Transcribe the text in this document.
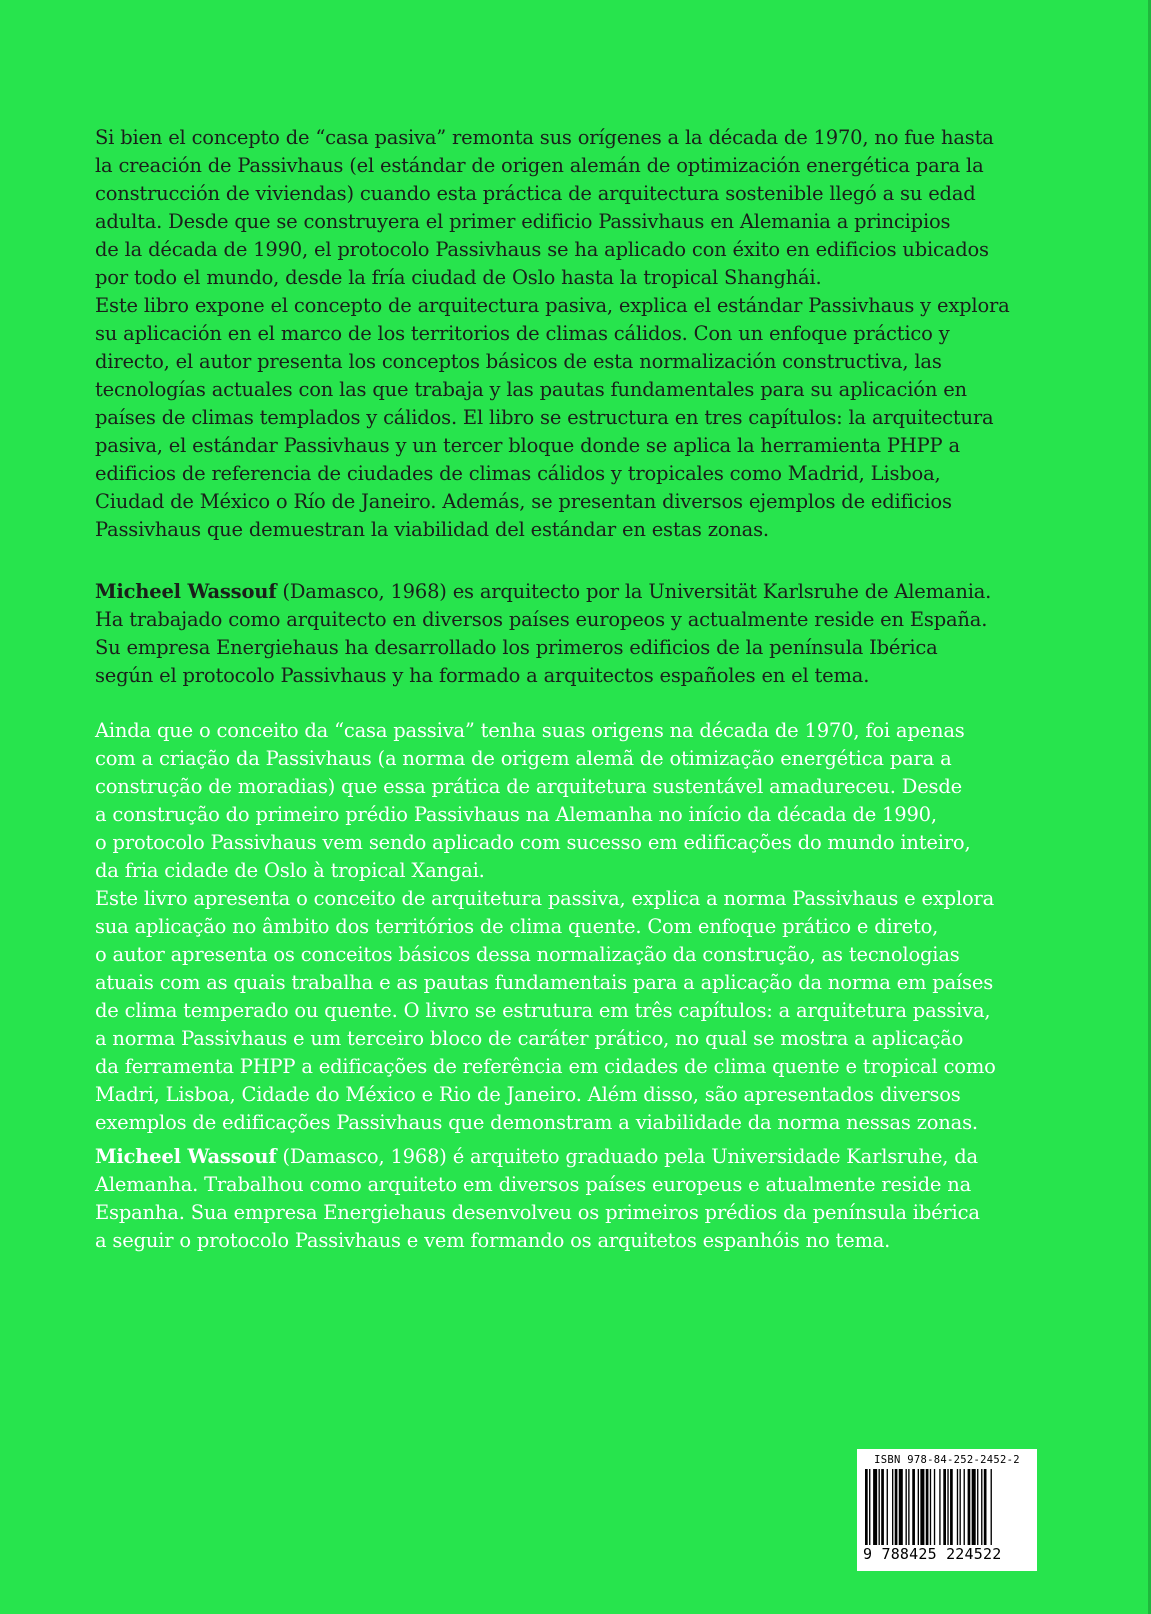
Si bien el concepto de “casa pasiva” remonta sus orígenes a la década de 1970, no fue hasta
la creación de Passivhaus (el estándar de origen alemán de optimización energética para la
construcción de viviendas) cuando esta práctica de arquitectura sostenible llegó a su edad
adulta. Desde que se construyera el primer edificio Passivhaus en Alemania a principios
de la década de 1990, el protocolo Passivhaus se ha aplicado con éxito en edificios ubicados
por todo el mundo, desde la fría ciudad de Oslo hasta la tropical Shanghái.
Este libro expone el concepto de arquitectura pasiva, explica el estándar Passivhaus y explora
su aplicación en el marco de los territorios de climas cálidos. Con un enfoque práctico y
directo, el autor presenta los conceptos básicos de esta normalización constructiva, las
tecnologías actuales con las que trabaja y las pautas fundamentales para su aplicación en
países de climas templados y cálidos. El libro se estructura en tres capítulos: la arquitectura
pasiva, el estándar Passivhaus y un tercer bloque donde se aplica la herramienta PHPP a
edificios de referencia de ciudades de climas cálidos y tropicales como Madrid, Lisboa,
Ciudad de México o Río de Janeiro. Además, se presentan diversos ejemplos de edificios
Passivhaus que demuestran la viabilidad del estándar en estas zonas.
Micheel Wassouf (Damasco, 1968) es arquitecto por la Universität Karlsruhe de Alemania.
Ha trabajado como arquitecto en diversos países europeos y actualmente reside en España.
Su empresa Energiehaus ha desarrollado los primeros edificios de la península Ibérica
según el protocolo Passivhaus y ha formado a arquitectos españoles en el tema.
Ainda que o conceito da “casa passiva” tenha suas origens na década de 1970, foi apenas
com a criação da Passivhaus (a norma de origem alemã de otimização energética para a
construção de moradias) que essa prática de arquitetura sustentável amadureceu. Desde
a construção do primeiro prédio Passivhaus na Alemanha no início da década de 1990,
o protocolo Passivhaus vem sendo aplicado com sucesso em edificações do mundo inteiro,
da fria cidade de Oslo à tropical Xangai.
Este livro apresenta o conceito de arquitetura passiva, explica a norma Passivhaus e explora
sua aplicação no âmbito dos territórios de clima quente. Com enfoque prático e direto,
o autor apresenta os conceitos básicos dessa normalização da construção, as tecnologias
atuais com as quais trabalha e as pautas fundamentais para a aplicação da norma em países
de clima temperado ou quente. O livro se estrutura em três capítulos: a arquitetura passiva,
a norma Passivhaus e um terceiro bloco de caráter prático, no qual se mostra a aplicação
da ferramenta PHPP a edificações de referência em cidades de clima quente e tropical como
Madri, Lisboa, Cidade do México e Rio de Janeiro. Além disso, são apresentados diversos
exemplos de edificações Passivhaus que demonstram a viabilidade da norma nessas zonas.
Micheel Wassouf (Damasco, 1968) é arquiteto graduado pela Universidade Karlsruhe, da
Alemanha. Trabalhou como arquiteto em diversos países europeus e atualmente reside na
Espanha. Sua empresa Energiehaus desenvolveu os primeiros prédios da península ibérica
a seguir o protocolo Passivhaus e vem formando os arquitetos espanhóis no tema.
ISBN 978-84-252-2452-2
9 788425 224522
